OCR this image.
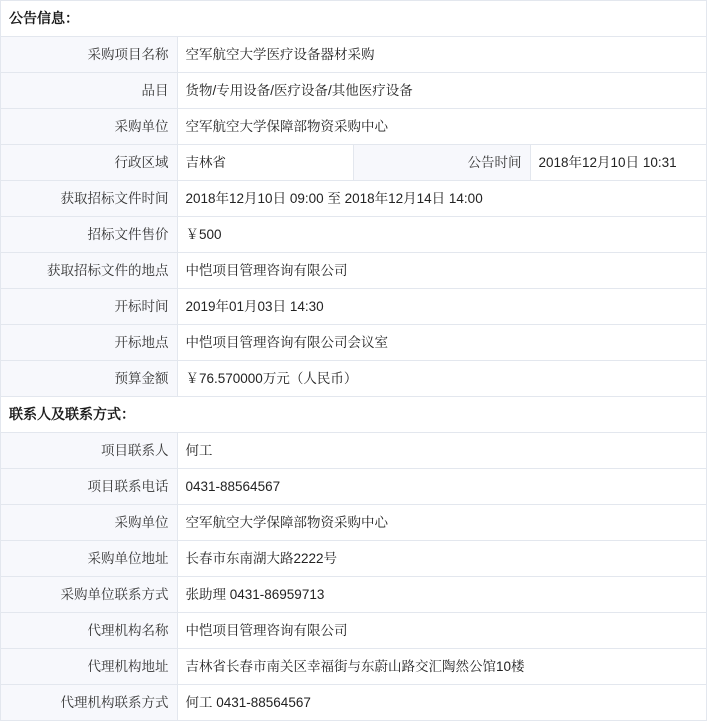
公告信息：			
采购项目名称	空军航空大学医疗设备器材采购		
品目	货物/专用设备/医疗设备/其他医疗设备		
采购单位	空军航空大学保障部物资采购中心		
行政区域	吉林省	公告时间	2018年12月10日 10:31
获取招标文件时间	2018年12月10日 09:00 至 2018年12月14日 14:00		
招标文件售价	￥500		
获取招标文件的地点	中恺项目管理咨询有限公司		
开标时间	2019年01月03日 14:30		
开标地点	中恺项目管理咨询有限公司会议室		
预算金额	￥76.570000万元（人民币）		
联系人及联系方式：			
项目联系人	何工		
项目联系电话	0431-88564567		
采购单位	空军航空大学保障部物资采购中心		
采购单位地址	长春市东南湖大路2222号		
采购单位联系方式	张助理 0431-86959713		
代理机构名称	中恺项目管理咨询有限公司		
代理机构地址	吉林省长春市南关区幸福街与东蔚山路交汇陶然公馆10楼		
代理机构联系方式	何工 0431-88564567		
